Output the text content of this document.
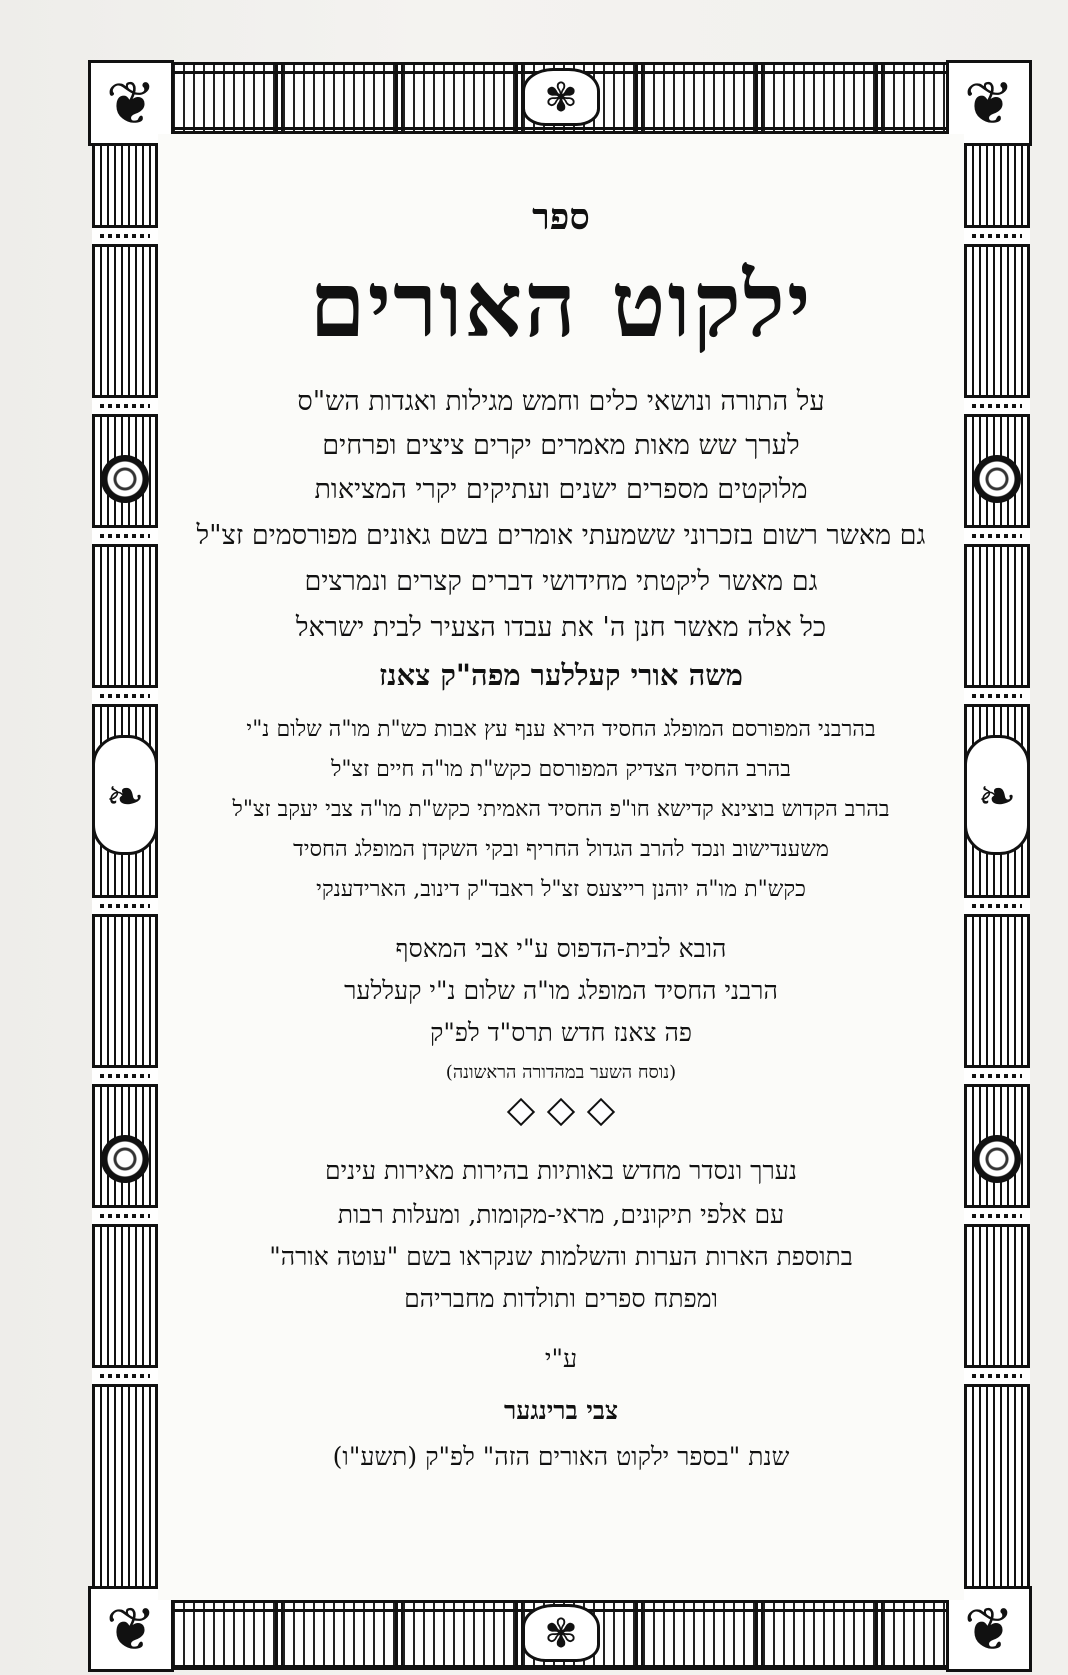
❧
❧
❦
❦
❦
❦
✾
✾
ספר
ילקוט האורים
על התורה ונושאי כלים וחמש מגילות ואגדות הש"ס
לערך שש מאות מאמרים יקרים ציצים ופרחים
מלוקטים מספרים ישנים ועתיקים יקרי המציאות
גם מאשר רשום בזכרוני ששמעתי אומרים בשם גאונים מפורסמים זצ"ל
גם מאשר ליקטתי מחידושי דברים קצרים ונמרצים
כל אלה מאשר חנן ה' את עבדו הצעיר לבית ישראל
משה אורי קעללער מפה"ק צאנז
בהרבני המפורסם המופלג החסיד הירא ענף עץ אבות כש"ת מו"ה שלום נ"י
בהרב החסיד הצדיק המפורסם כקש"ת מו"ה חיים זצ"ל
בהרב הקדוש בוצינא קדישא חו"פ החסיד האמיתי כקש"ת מו"ה צבי יעקב זצ"ל
משענדישוב ונכד להרב הגדול החריף ובקי השקדן המופלג החסיד
כקש"ת מו"ה יוהנן רייצעס זצ"ל ראבד"ק דינוב, הארידענקי
הובא לבית-הדפוס ע"י אבי המאסף
הרבני החסיד המופלג מו"ה שלום נ"י קעללער
פה צאנז חדש תרס"ד לפ"ק
(נוסח השער במהדורה הראשונה)
נערך ונסדר מחדש באותיות בהירות מאירות עינים
עם אלפי תיקונים, מראי-מקומות, ומעלות רבות
בתוספת הארות הערות והשלמות שנקראו בשם "עוטה אורה"
ומפתח ספרים ותולדות מחבריהם
ע"י
צבי ברינגער
שנת "בספר ילקוט האורים הזה" לפ"ק (תשע"ו)
